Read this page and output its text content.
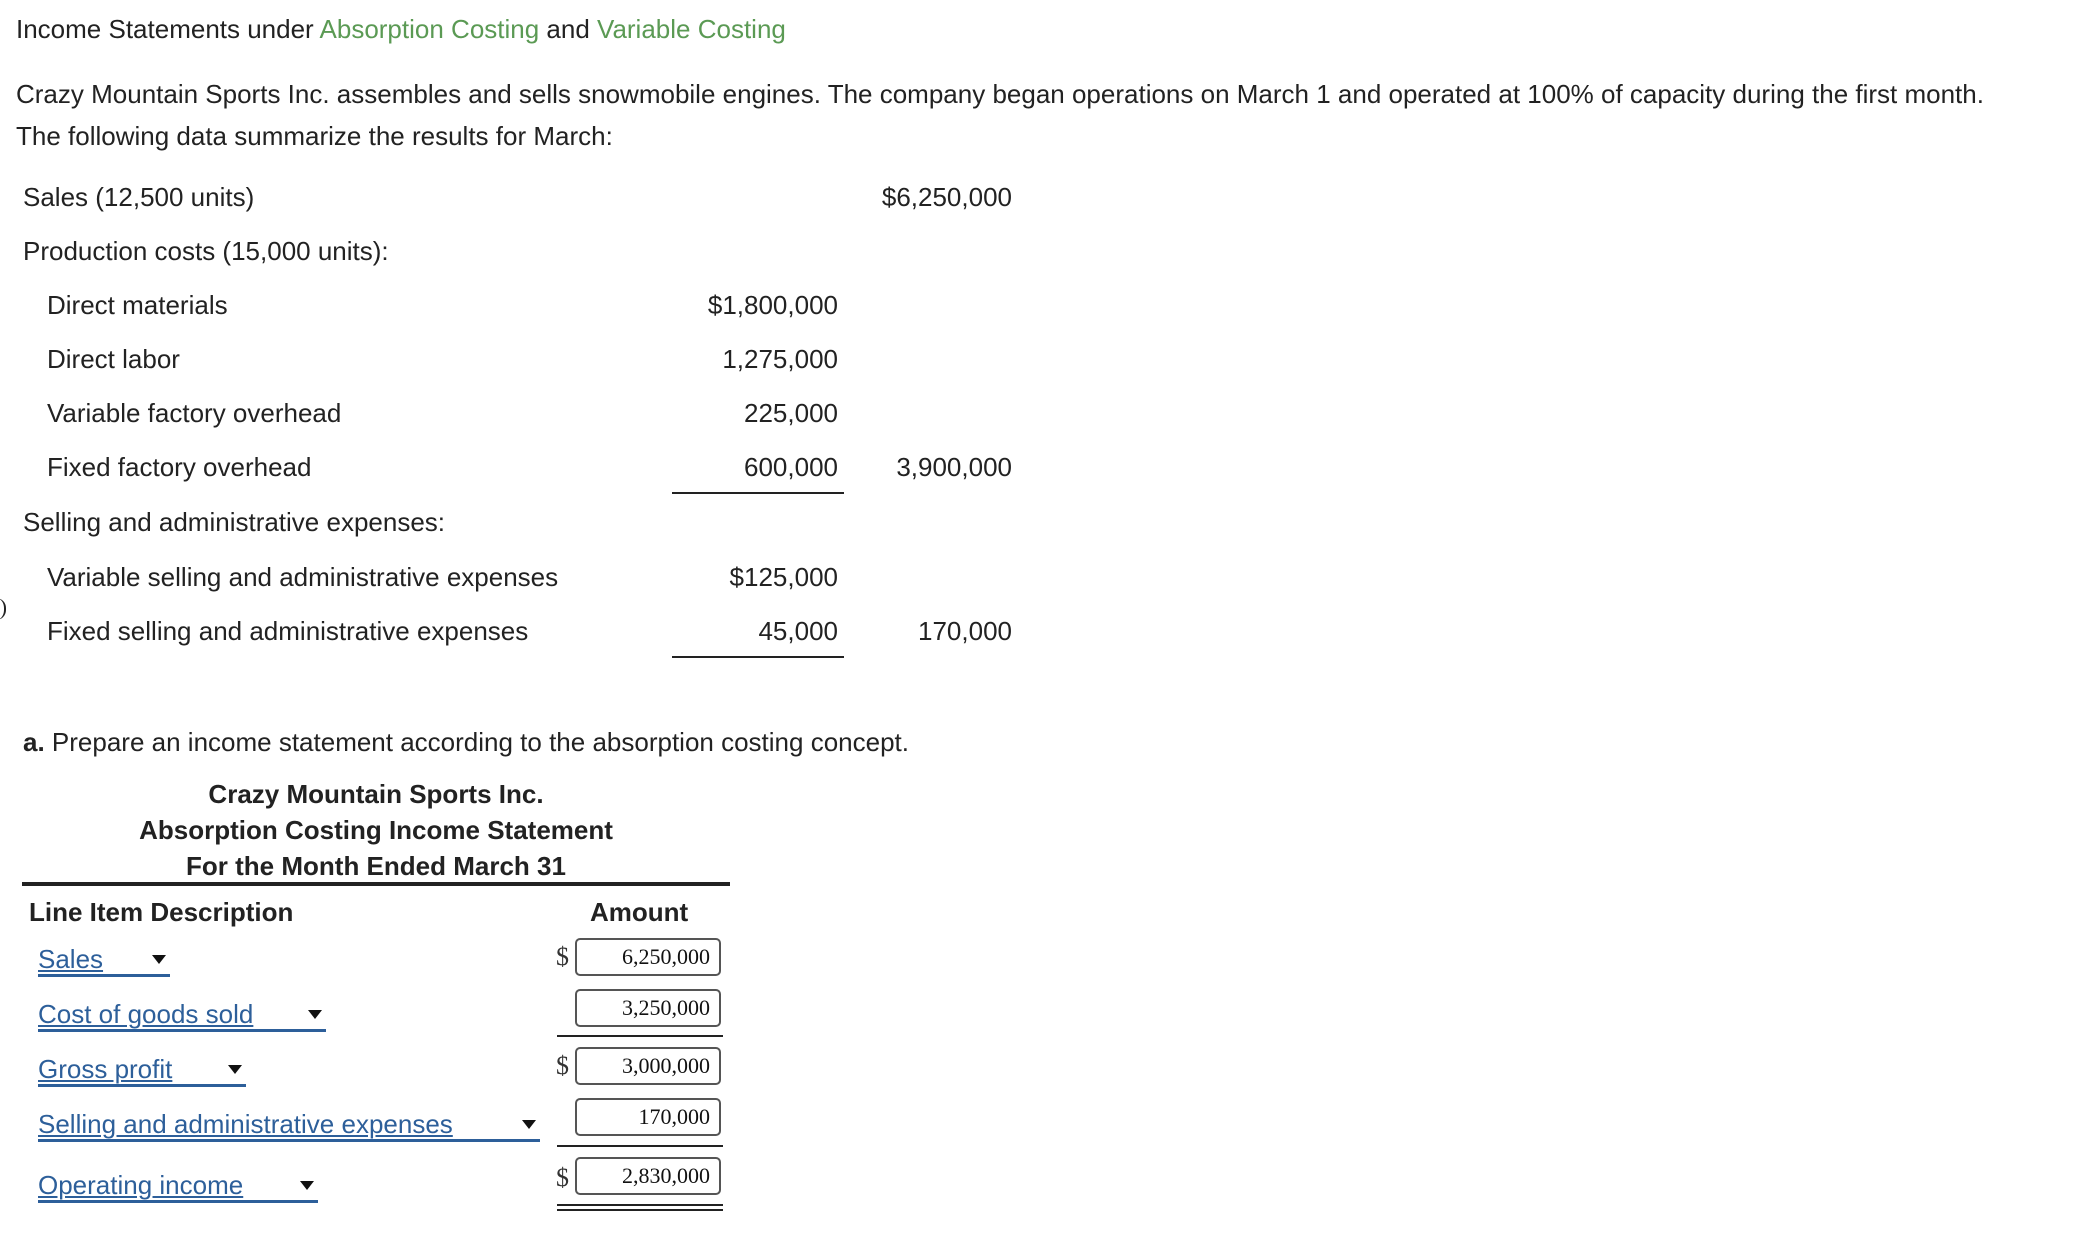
Income Statements under Absorption Costing and Variable Costing
Crazy Mountain Sports Inc. assembles and sells snowmobile engines. The company began operations on March 1 and operated at 100% of capacity during the first month.
The following data summarize the results for March:
Sales (12,500 units)	$6,250,000
Production costs (15,000 units):
Direct materials	$1,800,000
Direct labor	1,275,000
Variable factory overhead	225,000
Fixed factory overhead	600,000	3,900,000
Selling and administrative expenses:
Variable selling and administrative expenses	$125,000
Fixed selling and administrative expenses	45,000	170,000
a. Prepare an income statement according to the absorption costing concept.
Crazy Mountain Sports Inc.
Absorption Costing Income Statement
For the Month Ended March 31
Line Item Description	Amount
Sales	$	6,250,000
Cost of goods sold	3,250,000
Gross profit	$	3,000,000
Selling and administrative expenses	170,000
Operating income	$	2,830,000
